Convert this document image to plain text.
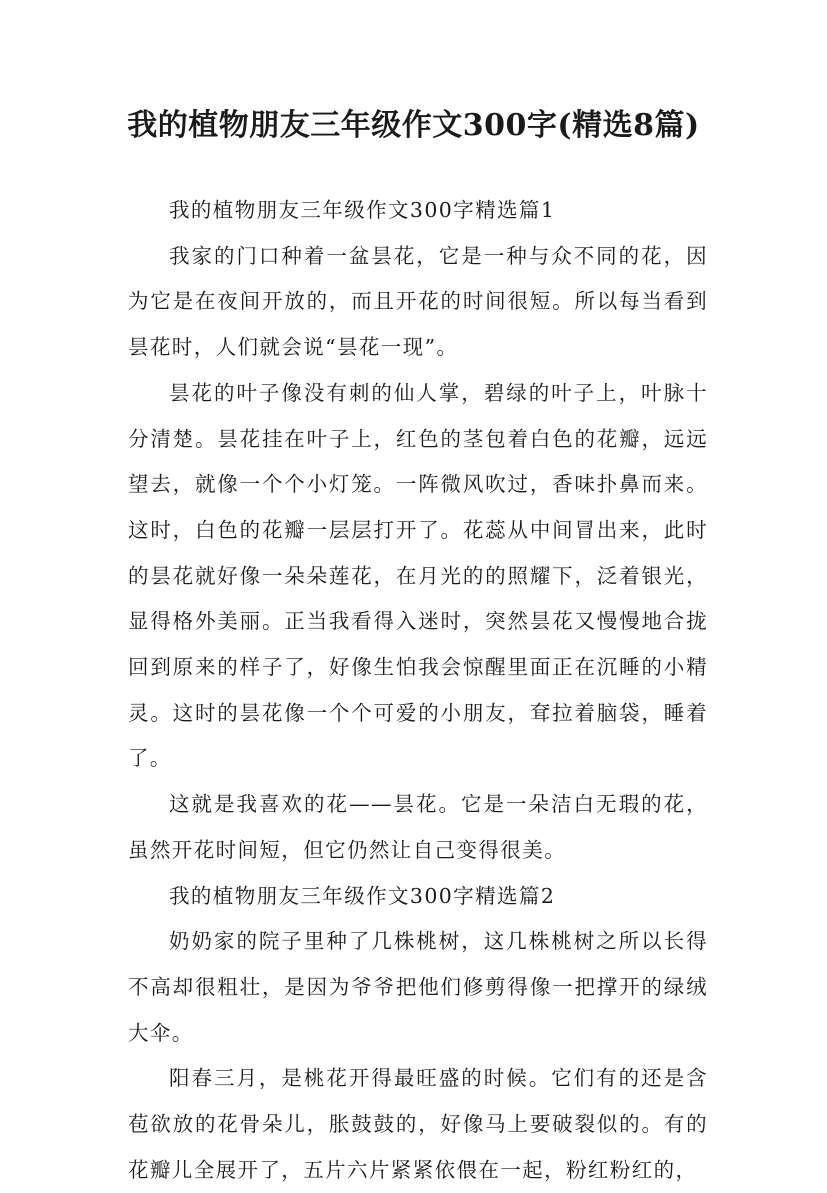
我的植物朋友三年级作文300字(精选8篇)

我的植物朋友三年级作文300字精选篇1

我家的门口种着一盆昙花，它是一种与众不同的花，因为它是在夜间开放的，而且开花的时间很短。所以每当看到昙花时，人们就会说“昙花一现”。

昙花的叶子像没有刺的仙人掌，碧绿的叶子上，叶脉十分清楚。昙花挂在叶子上，红色的茎包着白色的花瓣，远远望去，就像一个个小灯笼。一阵微风吹过，香味扑鼻而来。这时，白色的花瓣一层层打开了。花蕊从中间冒出来，此时的昙花就好像一朵朵莲花，在月光的的照耀下，泛着银光，显得格外美丽。正当我看得入迷时，突然昙花又慢慢地合拢回到原来的样子了，好像生怕我会惊醒里面正在沉睡的小精灵。这时的昙花像一个个可爱的小朋友，耷拉着脑袋，睡着了。

这就是我喜欢的花——昙花。它是一朵洁白无瑕的花，虽然开花时间短，但它仍然让自己变得很美。

我的植物朋友三年级作文300字精选篇2

奶奶家的院子里种了几株桃树，这几株桃树之所以长得不高却很粗壮，是因为爷爷把他们修剪得像一把撑开的绿绒大伞。

阳春三月，是桃花开得最旺盛的时候。它们有的还是含苞欲放的花骨朵儿，胀鼓鼓的，好像马上要破裂似的。有的花瓣儿全展开了，五片六片紧紧依偎在一起，粉红粉红的，
